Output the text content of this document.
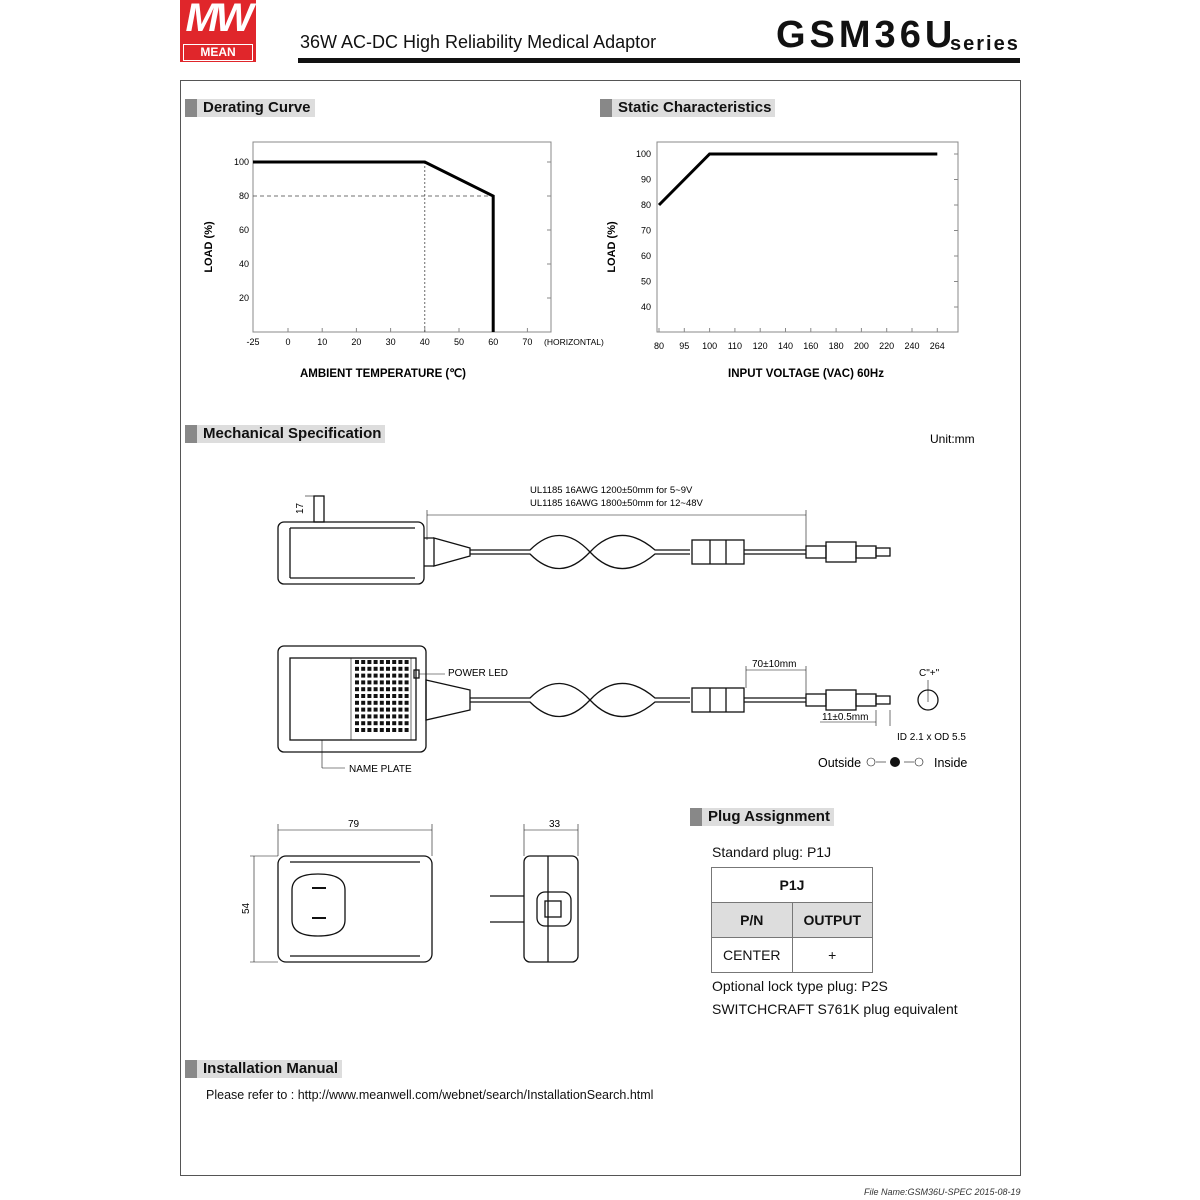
MW
MEAN WELL
36W AC-DC High Reliability Medical Adaptor	GSM36U
series
Derating Curve	Static Characteristics
Mechanical Specification
Plug Assignment
Installation Manual
-25	0	10	20	30	40	50	60	70 (HORIZONTAL)
20
40
60
80
100
AMBIENT TEMPERATURE (℃)
LOAD (%)
80 95 100 110 120 140 160 180 200 220 240 264
40
50
60
70
80
90
100
INPUT VOLTAGE (VAC) 60Hz
LOAD (%)
Unit:mm
UL1185 16AWG 1200±50mm for 5~9V
UL1185 16AWG 1800±50mm for 12~48V
17
POWER LED
NAME PLATE
70±10mm
11±0.5mm
C"+"
ID 2.1 x OD 5.5
Outside	Inside
79
54
33
Standard plug: P1J
P1J	
P/N	OUTPUT
CENTER	+
Optional lock type plug: P2S
SWITCHCRAFT S761K plug equivalent
Please refer to : http://www.meanwell.com/webnet/search/InstallationSearch.html
File Name:GSM36U-SPEC 2015-08-19
